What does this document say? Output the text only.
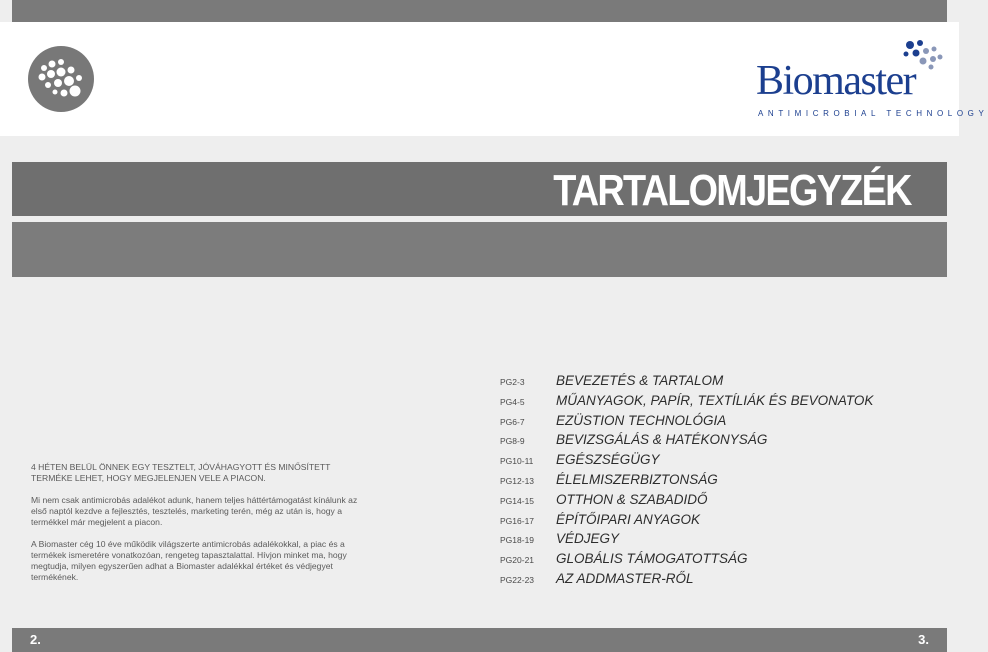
Biomaster
ANTIMICROBIAL TECHNOLOGY
TARTALOMJEGYZÉK

4 HÉTEN BELÜL ÖNNEK EGY TESZTELT, JÓVÁHAGYOTT ÉS MINŐSÍTETT TERMÉKE LEHET, HOGY MEGJELENJEN VELE A PIACON.

Mi nem csak antimicrobás adalékot adunk, hanem teljes háttértámogatást kínálunk az első naptól kezdve a fejlesztés, tesztelés, marketing terén, még az után is, hogy a termékkel már megjelent a piacon.

A Biomaster cég 10 éve működik világszerte antimicrobás adalékokkal, a piac és a termékek ismeretére vonatkozóan, rengeteg tapasztalattal. Hívjon minket ma, hogy megtudja, milyen egyszerűen adhat a Biomaster adalékkal értéket és védjegyet termékének.

PG2-3	BEVEZETÉS & TARTALOM
PG4-5	MŰANYAGOK, PAPÍR, TEXTÍLIÁK ÉS BEVONATOK
PG6-7	EZÜSTION TECHNOLÓGIA
PG8-9	BEVIZSGÁLÁS & HATÉKONYSÁG
PG10-11	EGÉSZSÉGÜGY
PG12-13	ÉLELMISZERBIZTONSÁG
PG14-15	OTTHON & SZABADIDŐ
PG16-17	ÉPÍTŐIPARI ANYAGOK
PG18-19	VÉDJEGY
PG20-21	GLOBÁLIS TÁMOGATOTTSÁG
PG22-23	AZ ADDMASTER-RŐL
2.	3.
